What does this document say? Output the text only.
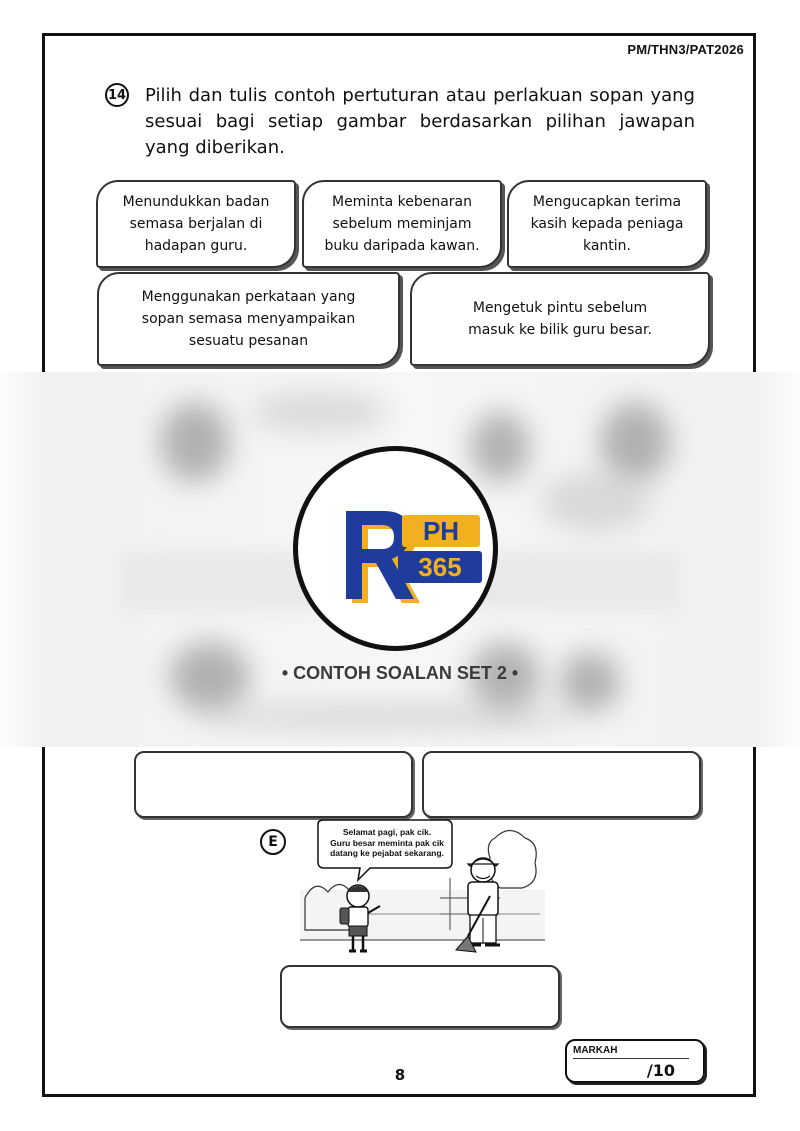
PM/THN3/PAT2026
14 Pilih dan tulis contoh pertuturan atau perlakuan sopan yang sesuai bagi setiap gambar berdasarkan pilihan jawapan yang diberikan.
Menundukkan badan
semasa berjalan di
hadapan guru.
Meminta kebenaran
sebelum meminjam
buku daripada kawan.
Mengucapkan terima
kasih kepada peniaga
kantin.
Menggunakan perkataan yang
sopan semasa menyampaikan
sesuatu pesanan
Mengetuk pintu sebelum
masuk ke bilik guru besar.
PH
365
• CONTOH SOALAN SET 2 •
E
Selamat pagi, pak cik.
Guru besar meminta pak cik
datang ke pejabat sekarang.
8
MARKAH
/10
